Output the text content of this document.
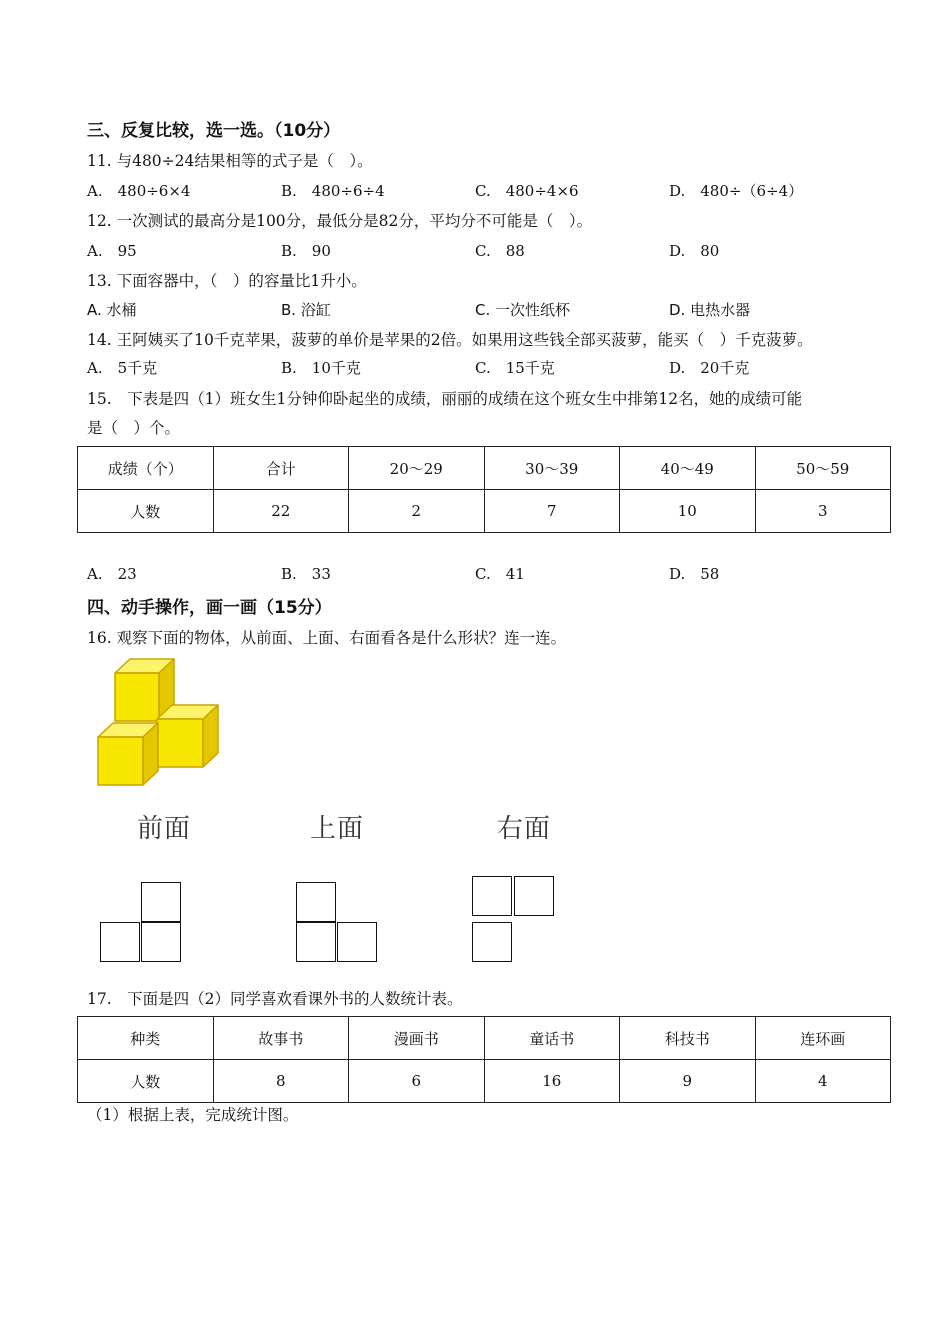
三、反复比较，选一选。（10分）
11. 与480÷24结果相等的式子是（　）。
A.　480÷6×4	B.　480÷6÷4	C.　480÷4×6	D.　480÷（6÷4）
12. 一次测试的最高分是100分，最低分是82分，平均分不可能是（　）。
A.　95	B.　90	C.　88	D.　80
13. 下面容器中，（　）的容量比1升小。
A. 水桶	B. 浴缸	C. 一次性纸杯	D. 电热水器
14. 王阿姨买了10千克苹果，菠萝的单价是苹果的2倍。如果用这些钱全部买菠萝，能买（　）千克菠萝。
A.　5千克	B.　10千克	C.　15千克	D.　20千克
15.　下表是四（1）班女生1分钟仰卧起坐的成绩，丽丽的成绩在这个班女生中排第12名，她的成绩可能
是（　）个。
成绩（个）	合计	20～29	30～39	40～49	50～59
人数	22	2	7	10	3
A.　23	B.　33	C.　41	D.　58
四、动手操作，画一画（15分）
16. 观察下面的物体，从前面、上面、右面看各是什么形状？连一连。
前面	上面	右面
17.　下面是四（2）同学喜欢看课外书的人数统计表。
种类	故事书	漫画书	童话书	科技书	连环画
人数	8	6	16	9	4
（1）根据上表，完成统计图。
